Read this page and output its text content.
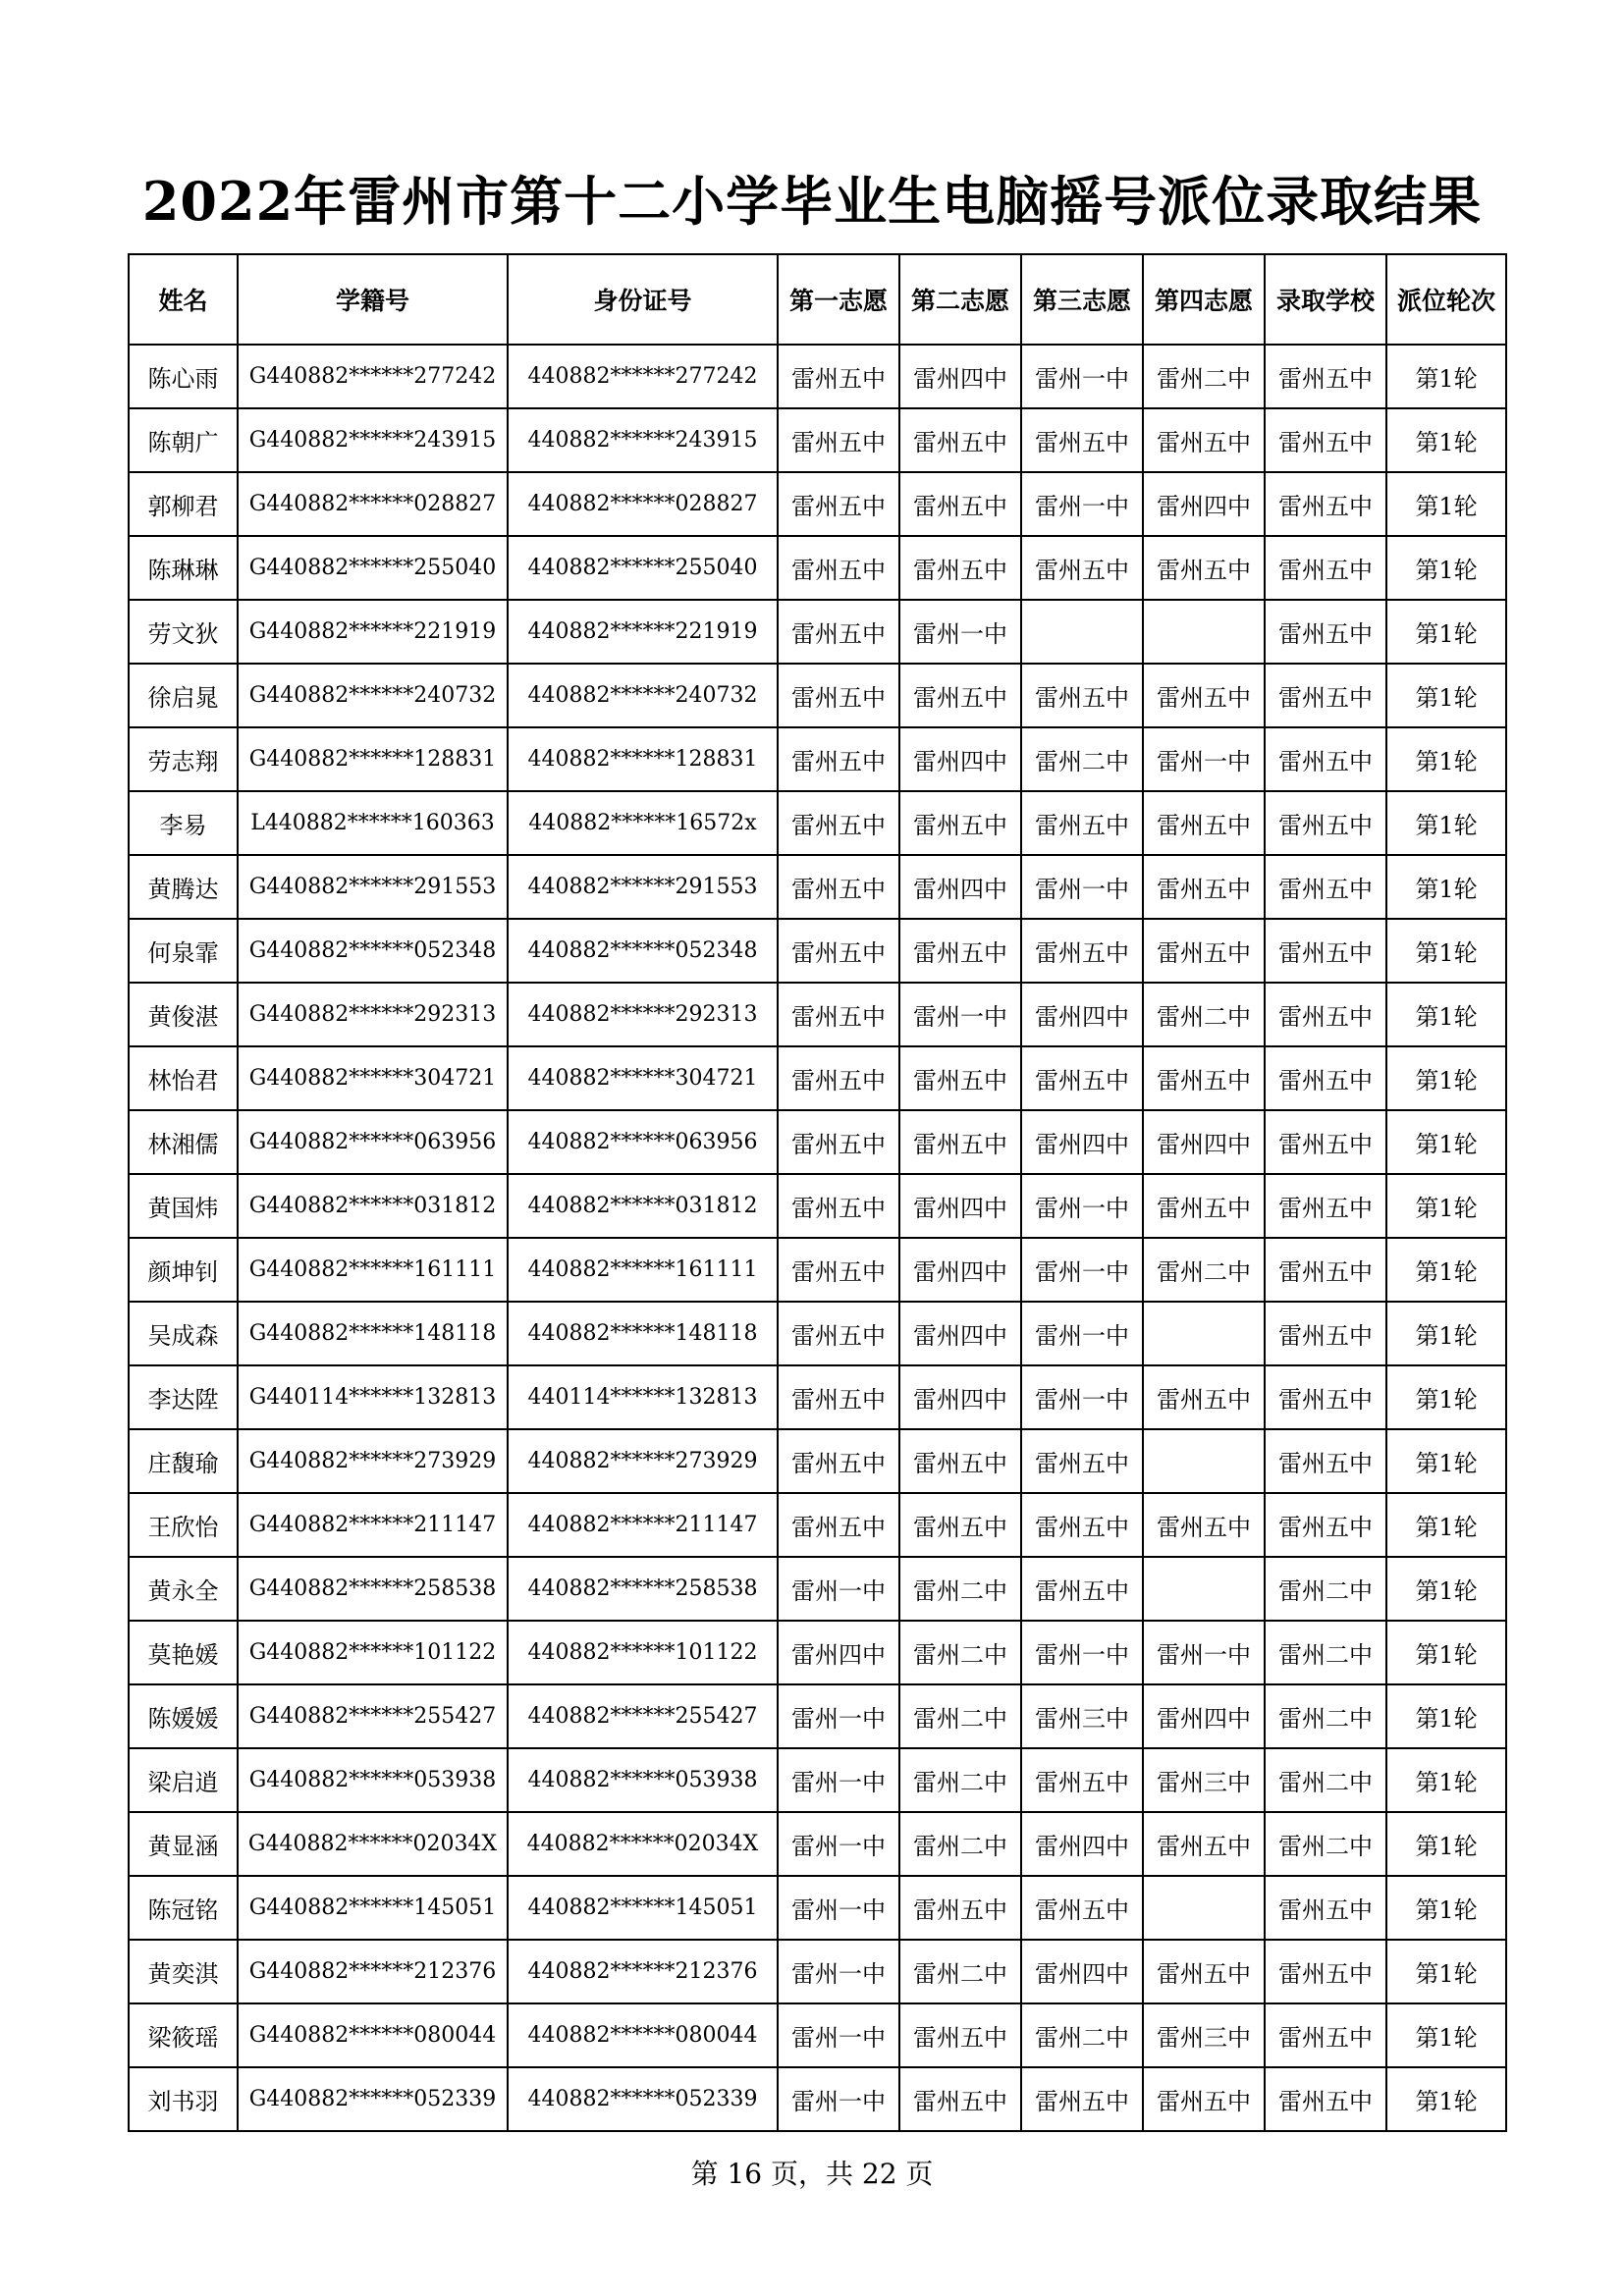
2022年雷州市第十二小学毕业生电脑摇号派位录取结果
姓名	学籍号	身份证号	第一志愿	第二志愿	第三志愿	第四志愿	录取学校	派位轮次
陈心雨	G440882******277242	440882******277242	雷州五中	雷州四中	雷州一中	雷州二中	雷州五中	第1轮
陈朝广	G440882******243915	440882******243915	雷州五中	雷州五中	雷州五中	雷州五中	雷州五中	第1轮
郭柳君	G440882******028827	440882******028827	雷州五中	雷州五中	雷州一中	雷州四中	雷州五中	第1轮
陈琳琳	G440882******255040	440882******255040	雷州五中	雷州五中	雷州五中	雷州五中	雷州五中	第1轮
劳文狄	G440882******221919	440882******221919	雷州五中	雷州一中			雷州五中	第1轮
徐启晁	G440882******240732	440882******240732	雷州五中	雷州五中	雷州五中	雷州五中	雷州五中	第1轮
劳志翔	G440882******128831	440882******128831	雷州五中	雷州四中	雷州二中	雷州一中	雷州五中	第1轮
李易	L440882******160363	440882******16572x	雷州五中	雷州五中	雷州五中	雷州五中	雷州五中	第1轮
黄腾达	G440882******291553	440882******291553	雷州五中	雷州四中	雷州一中	雷州五中	雷州五中	第1轮
何泉霏	G440882******052348	440882******052348	雷州五中	雷州五中	雷州五中	雷州五中	雷州五中	第1轮
黄俊湛	G440882******292313	440882******292313	雷州五中	雷州一中	雷州四中	雷州二中	雷州五中	第1轮
林怡君	G440882******304721	440882******304721	雷州五中	雷州五中	雷州五中	雷州五中	雷州五中	第1轮
林湘儒	G440882******063956	440882******063956	雷州五中	雷州五中	雷州四中	雷州四中	雷州五中	第1轮
黄国炜	G440882******031812	440882******031812	雷州五中	雷州四中	雷州一中	雷州五中	雷州五中	第1轮
颜坤钊	G440882******161111	440882******161111	雷州五中	雷州四中	雷州一中	雷州二中	雷州五中	第1轮
吴成森	G440882******148118	440882******148118	雷州五中	雷州四中	雷州一中		雷州五中	第1轮
李达陞	G440114******132813	440114******132813	雷州五中	雷州四中	雷州一中	雷州五中	雷州五中	第1轮
庄馥瑜	G440882******273929	440882******273929	雷州五中	雷州五中	雷州五中		雷州五中	第1轮
王欣怡	G440882******211147	440882******211147	雷州五中	雷州五中	雷州五中	雷州五中	雷州五中	第1轮
黄永全	G440882******258538	440882******258538	雷州一中	雷州二中	雷州五中		雷州二中	第1轮
莫艳媛	G440882******101122	440882******101122	雷州四中	雷州二中	雷州一中	雷州一中	雷州二中	第1轮
陈媛媛	G440882******255427	440882******255427	雷州一中	雷州二中	雷州三中	雷州四中	雷州二中	第1轮
梁启逍	G440882******053938	440882******053938	雷州一中	雷州二中	雷州五中	雷州三中	雷州二中	第1轮
黄显涵	G440882******02034X	440882******02034X	雷州一中	雷州二中	雷州四中	雷州五中	雷州二中	第1轮
陈冠铭	G440882******145051	440882******145051	雷州一中	雷州五中	雷州五中		雷州五中	第1轮
黄奕淇	G440882******212376	440882******212376	雷州一中	雷州二中	雷州四中	雷州五中	雷州五中	第1轮
梁筱瑶	G440882******080044	440882******080044	雷州一中	雷州五中	雷州二中	雷州三中	雷州五中	第1轮
刘书羽	G440882******052339	440882******052339	雷州一中	雷州五中	雷州五中	雷州五中	雷州五中	第1轮
第 16 页，共 22 页
